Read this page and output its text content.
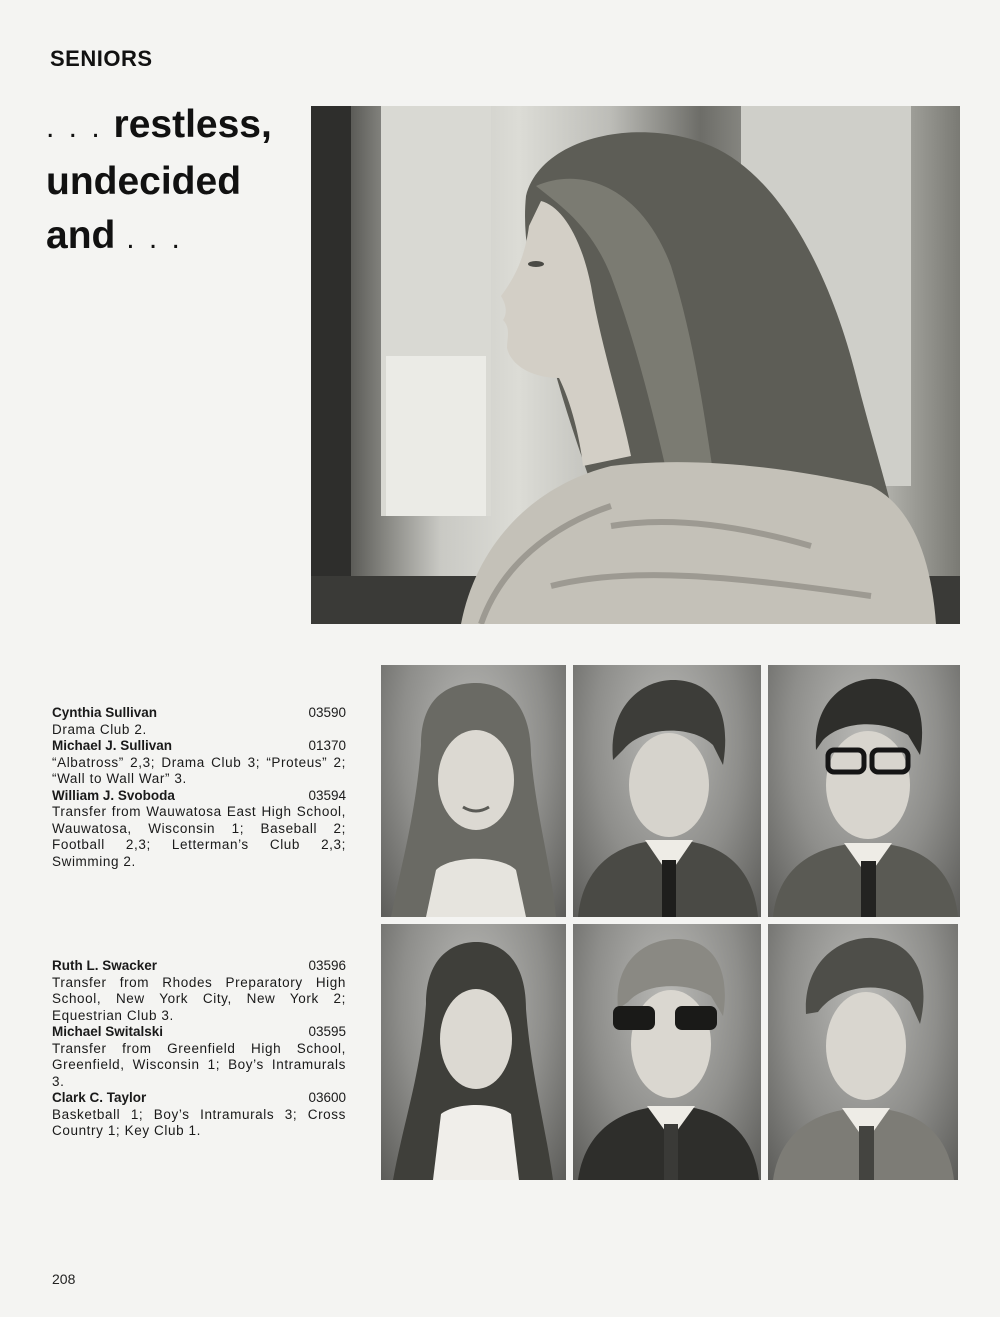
SENIORS
. . . restless,
undecided
and . . .
Cynthia Sullivan	03590
Drama Club 2.
Michael J. Sullivan	01370
“Albatross” 2,3; Drama Club 3; “Proteus” 2; “Wall to Wall War” 3.
William J. Svoboda	03594
Transfer from Wauwatosa East High School, Wauwatosa, Wisconsin 1; Baseball 2; Football 2,3; Letterman’s Club 2,3; Swimming 2.
Ruth L. Swacker	03596
Transfer from Rhodes Preparatory High School, New York City, New York 2; Equestrian Club 3.
Michael Switalski	03595
Transfer from Greenfield High School, Greenfield, Wisconsin 1; Boy’s Intramurals 3.
Clark C. Taylor	03600
Basketball 1; Boy’s Intramurals 3; Cross Country 1; Key Club 1.
208
